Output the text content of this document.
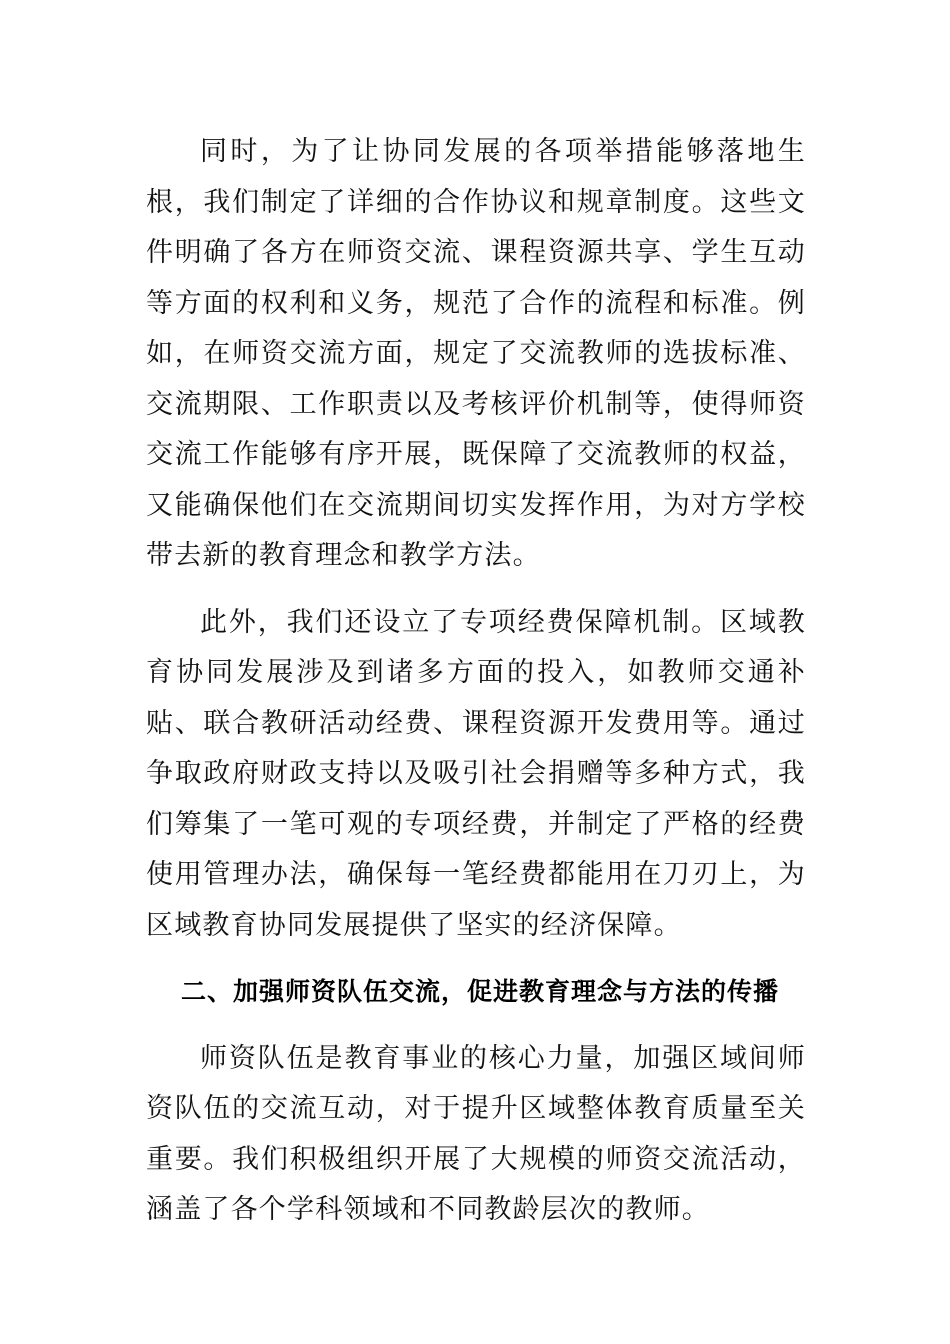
同时，为了让协同发展的各项举措能够落地生根，我们制定了详细的合作协议和规章制度。这些文件明确了各方在师资交流、课程资源共享、学生互动等方面的权利和义务，规范了合作的流程和标准。例如，在师资交流方面，规定了交流教师的选拔标准、交流期限、工作职责以及考核评价机制等，使得师资交流工作能够有序开展，既保障了交流教师的权益，又能确保他们在交流期间切实发挥作用，为对方学校带去新的教育理念和教学方法。

此外，我们还设立了专项经费保障机制。区域教育协同发展涉及到诸多方面的投入，如教师交通补贴、联合教研活动经费、课程资源开发费用等。通过争取政府财政支持以及吸引社会捐赠等多种方式，我们筹集了一笔可观的专项经费，并制定了严格的经费使用管理办法，确保每一笔经费都能用在刀刃上，为区域教育协同发展提供了坚实的经济保障。

二、加强师资队伍交流，促进教育理念与方法的传播

师资队伍是教育事业的核心力量，加强区域间师资队伍的交流互动，对于提升区域整体教育质量至关重要。我们积极组织开展了大规模的师资交流活动，涵盖了各个学科领域和不同教龄层次的教师。
